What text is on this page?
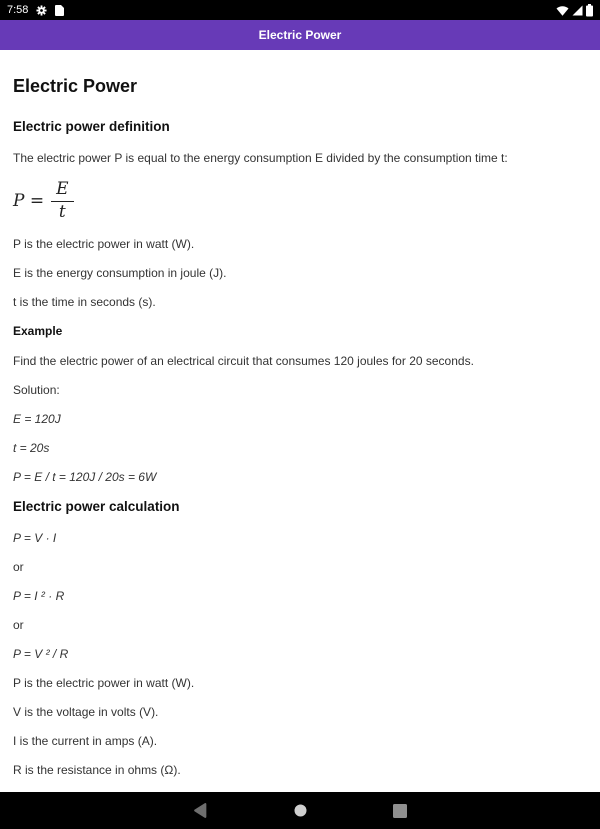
7:58
Electric Power
Electric Power
Electric power definition

The electric power P is equal to the energy consumption E divided by the consumption time t:

$P = \frac{E}{t}$

P is the electric power in watt (W).

E is the energy consumption in joule (J).

t is the time in seconds (s).

Example

Find the electric power of an electrical circuit that consumes 120 joules for 20 seconds.

Solution:

E = 120J

t = 20s

P = E / t = 120J / 20s = 6W

Electric power calculation

P = V · I

or

P = I ² · R

or

P = V ² / R

P is the electric power in watt (W).

V is the voltage in volts (V).

I is the current in amps (A).

R is the resistance in ohms (Ω).
